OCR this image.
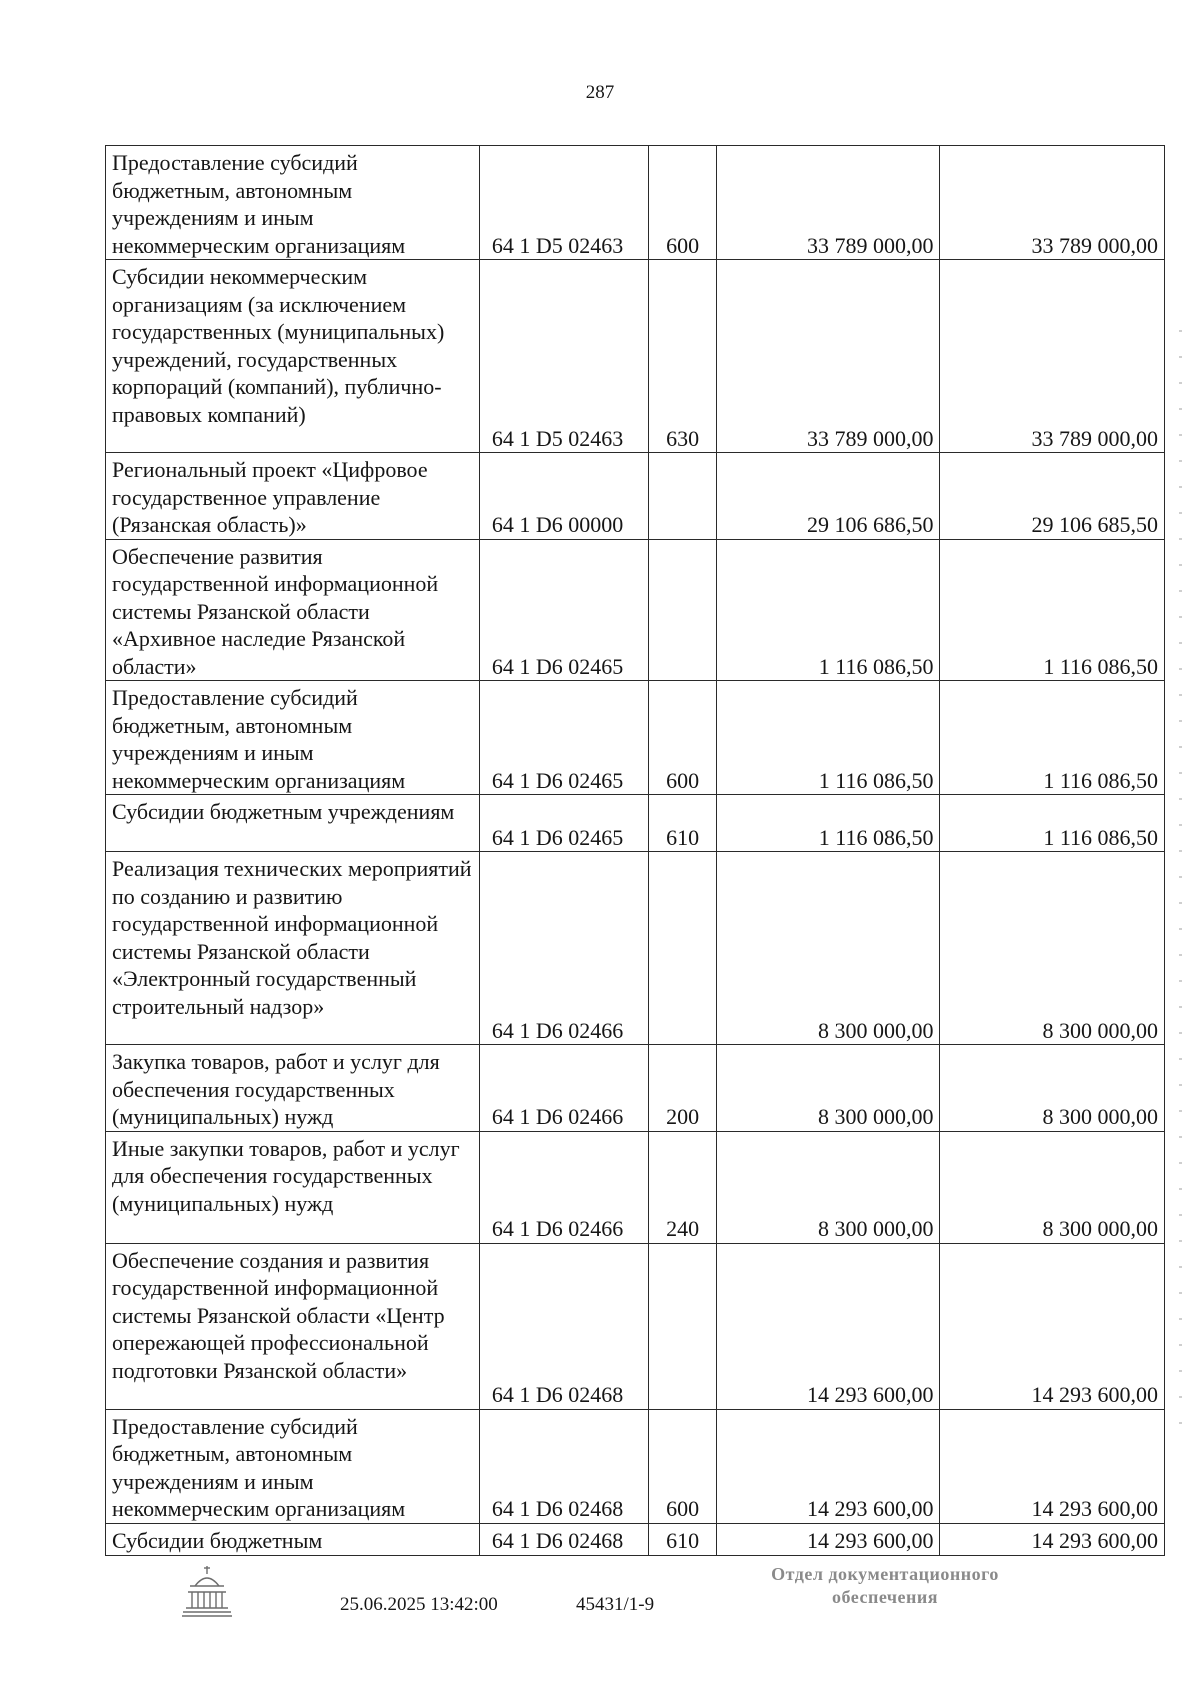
287
Предоставление субсидий бюджетным, автономным учреждениям и иным некоммерческим организациям	64 1 D5 02463	600	33 789 000,00	33 789 000,00
Субсидии некоммерческим организациям (за исключением государственных (муниципальных) учреждений, государственных корпораций (компаний), публично-правовых компаний)	64 1 D5 02463	630	33 789 000,00	33 789 000,00
Региональный проект «Цифровое государственное управление (Рязанская область)»	64 1 D6 00000		29 106 686,50	29 106 685,50
Обеспечение развития государственной информационной системы Рязанской области «Архивное наследие Рязанской области»	64 1 D6 02465		1 116 086,50	1 116 086,50
Предоставление субсидий бюджетным, автономным учреждениям и иным некоммерческим организациям	64 1 D6 02465	600	1 116 086,50	1 116 086,50
Субсидии бюджетным учреждениям	64 1 D6 02465	610	1 116 086,50	1 116 086,50
Реализация технических мероприятий по созданию и развитию государственной информационной системы Рязанской области «Электронный государственный строительный надзор»	64 1 D6 02466		8 300 000,00	8 300 000,00
Закупка товаров, работ и услуг для обеспечения государственных (муниципальных) нужд	64 1 D6 02466	200	8 300 000,00	8 300 000,00
Иные закупки товаров, работ и услуг для обеспечения государственных (муниципальных) нужд	64 1 D6 02466	240	8 300 000,00	8 300 000,00
Обеспечение создания и развития государственной информационной системы Рязанской области «Центр опережающей профессиональной подготовки Рязанской области»	64 1 D6 02468		14 293 600,00	14 293 600,00
Предоставление субсидий бюджетным, автономным учреждениям и иным некоммерческим организациям	64 1 D6 02468	600	14 293 600,00	14 293 600,00
Субсидии бюджетным	64 1 D6 02468	610	14 293 600,00	14 293 600,00
25.06.2025 13:42:00	45431/1-9
Отдел документационного
обеспечения
